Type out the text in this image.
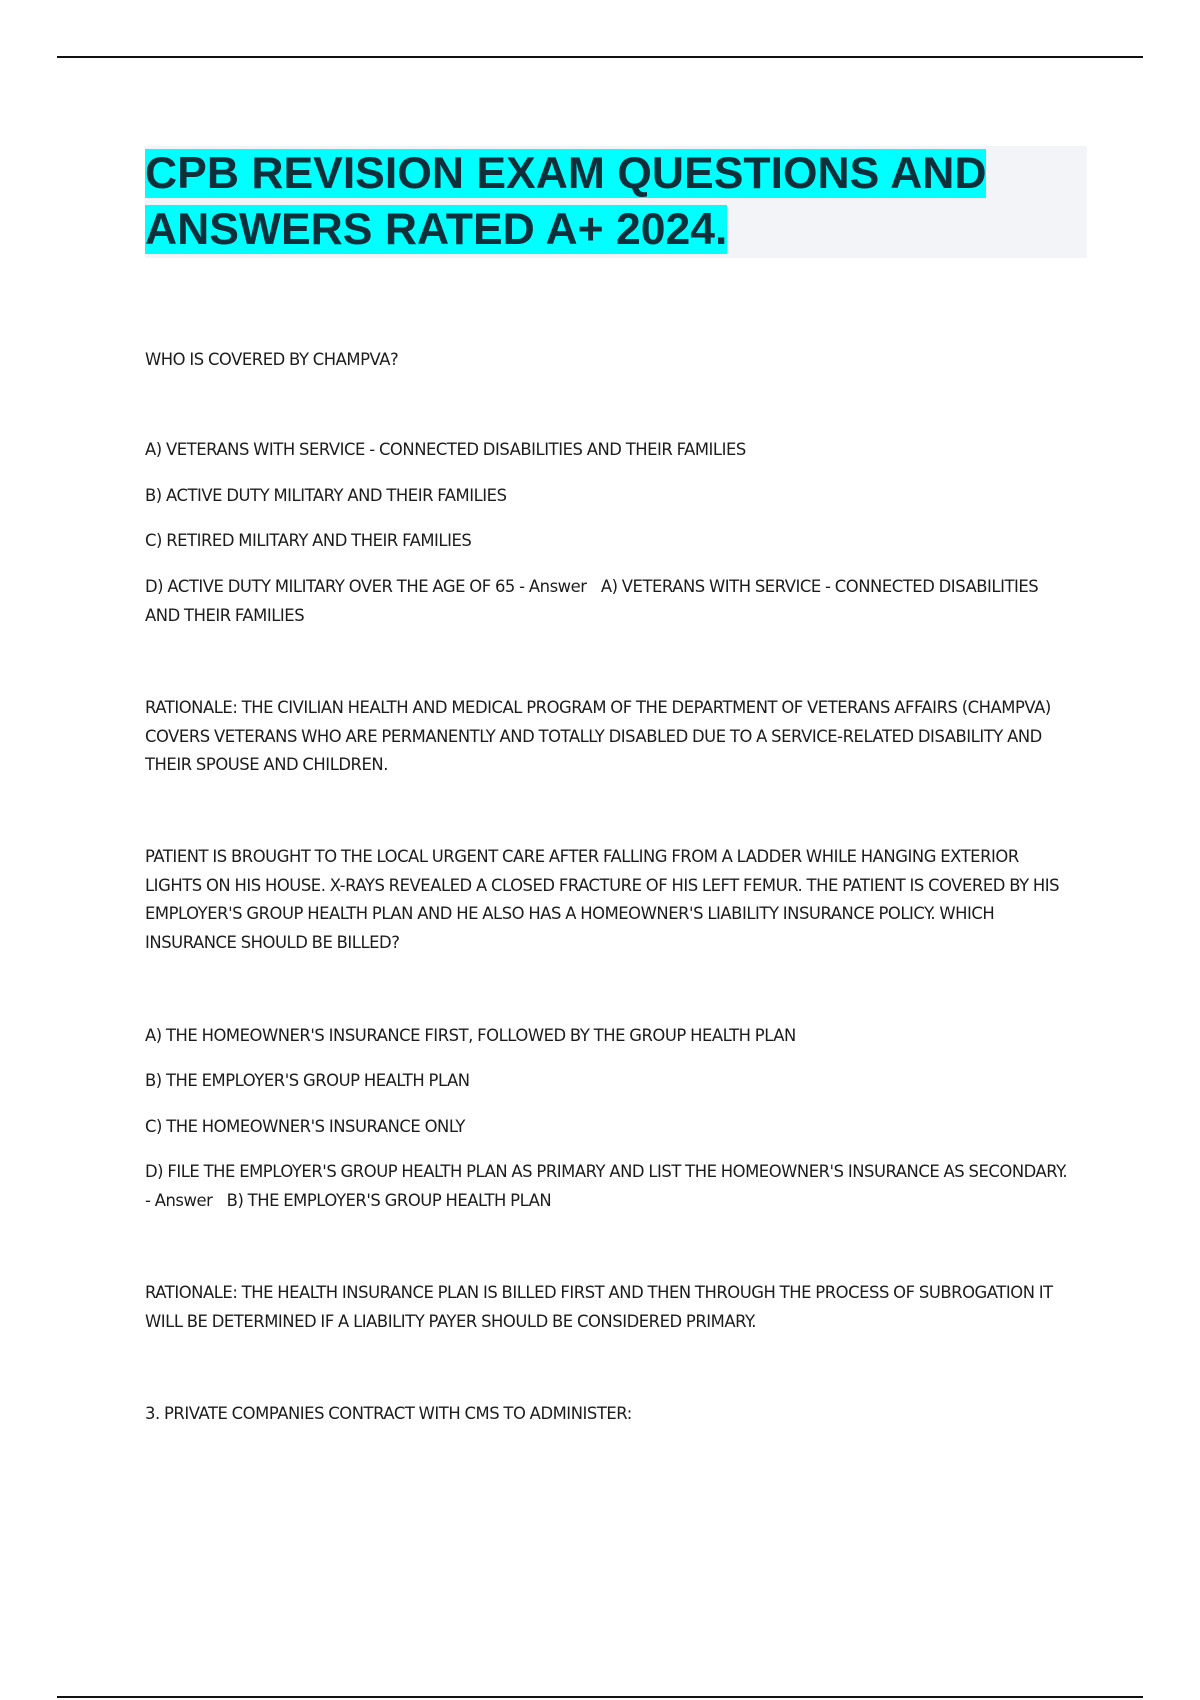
CPB REVISION EXAM QUESTIONS AND ANSWERS RATED A+ 2024.

WHO IS COVERED BY CHAMPVA?

A) VETERANS WITH SERVICE - CONNECTED DISABILITIES AND THEIR FAMILIES

B) ACTIVE DUTY MILITARY AND THEIR FAMILIES

C) RETIRED MILITARY AND THEIR FAMILIES

D) ACTIVE DUTY MILITARY OVER THE AGE OF 65 - Answer A) VETERANS WITH SERVICE - CONNECTED DISABILITIES AND THEIR FAMILIES

RATIONALE: THE CIVILIAN HEALTH AND MEDICAL PROGRAM OF THE DEPARTMENT OF VETERANS AFFAIRS (CHAMPVA) COVERS VETERANS WHO ARE PERMANENTLY AND TOTALLY DISABLED DUE TO A SERVICE-RELATED DISABILITY AND THEIR SPOUSE AND CHILDREN.

PATIENT IS BROUGHT TO THE LOCAL URGENT CARE AFTER FALLING FROM A LADDER WHILE HANGING EXTERIOR LIGHTS ON HIS HOUSE. X-RAYS REVEALED A CLOSED FRACTURE OF HIS LEFT FEMUR. THE PATIENT IS COVERED BY HIS EMPLOYER'S GROUP HEALTH PLAN AND HE ALSO HAS A HOMEOWNER'S LIABILITY INSURANCE POLICY. WHICH INSURANCE SHOULD BE BILLED?

A) THE HOMEOWNER'S INSURANCE FIRST, FOLLOWED BY THE GROUP HEALTH PLAN

B) THE EMPLOYER'S GROUP HEALTH PLAN

C) THE HOMEOWNER'S INSURANCE ONLY

D) FILE THE EMPLOYER'S GROUP HEALTH PLAN AS PRIMARY AND LIST THE HOMEOWNER'S INSURANCE AS SECONDARY. - Answer B) THE EMPLOYER'S GROUP HEALTH PLAN

RATIONALE: THE HEALTH INSURANCE PLAN IS BILLED FIRST AND THEN THROUGH THE PROCESS OF SUBROGATION IT WILL BE DETERMINED IF A LIABILITY PAYER SHOULD BE CONSIDERED PRIMARY.

3. PRIVATE COMPANIES CONTRACT WITH CMS TO ADMINISTER:
